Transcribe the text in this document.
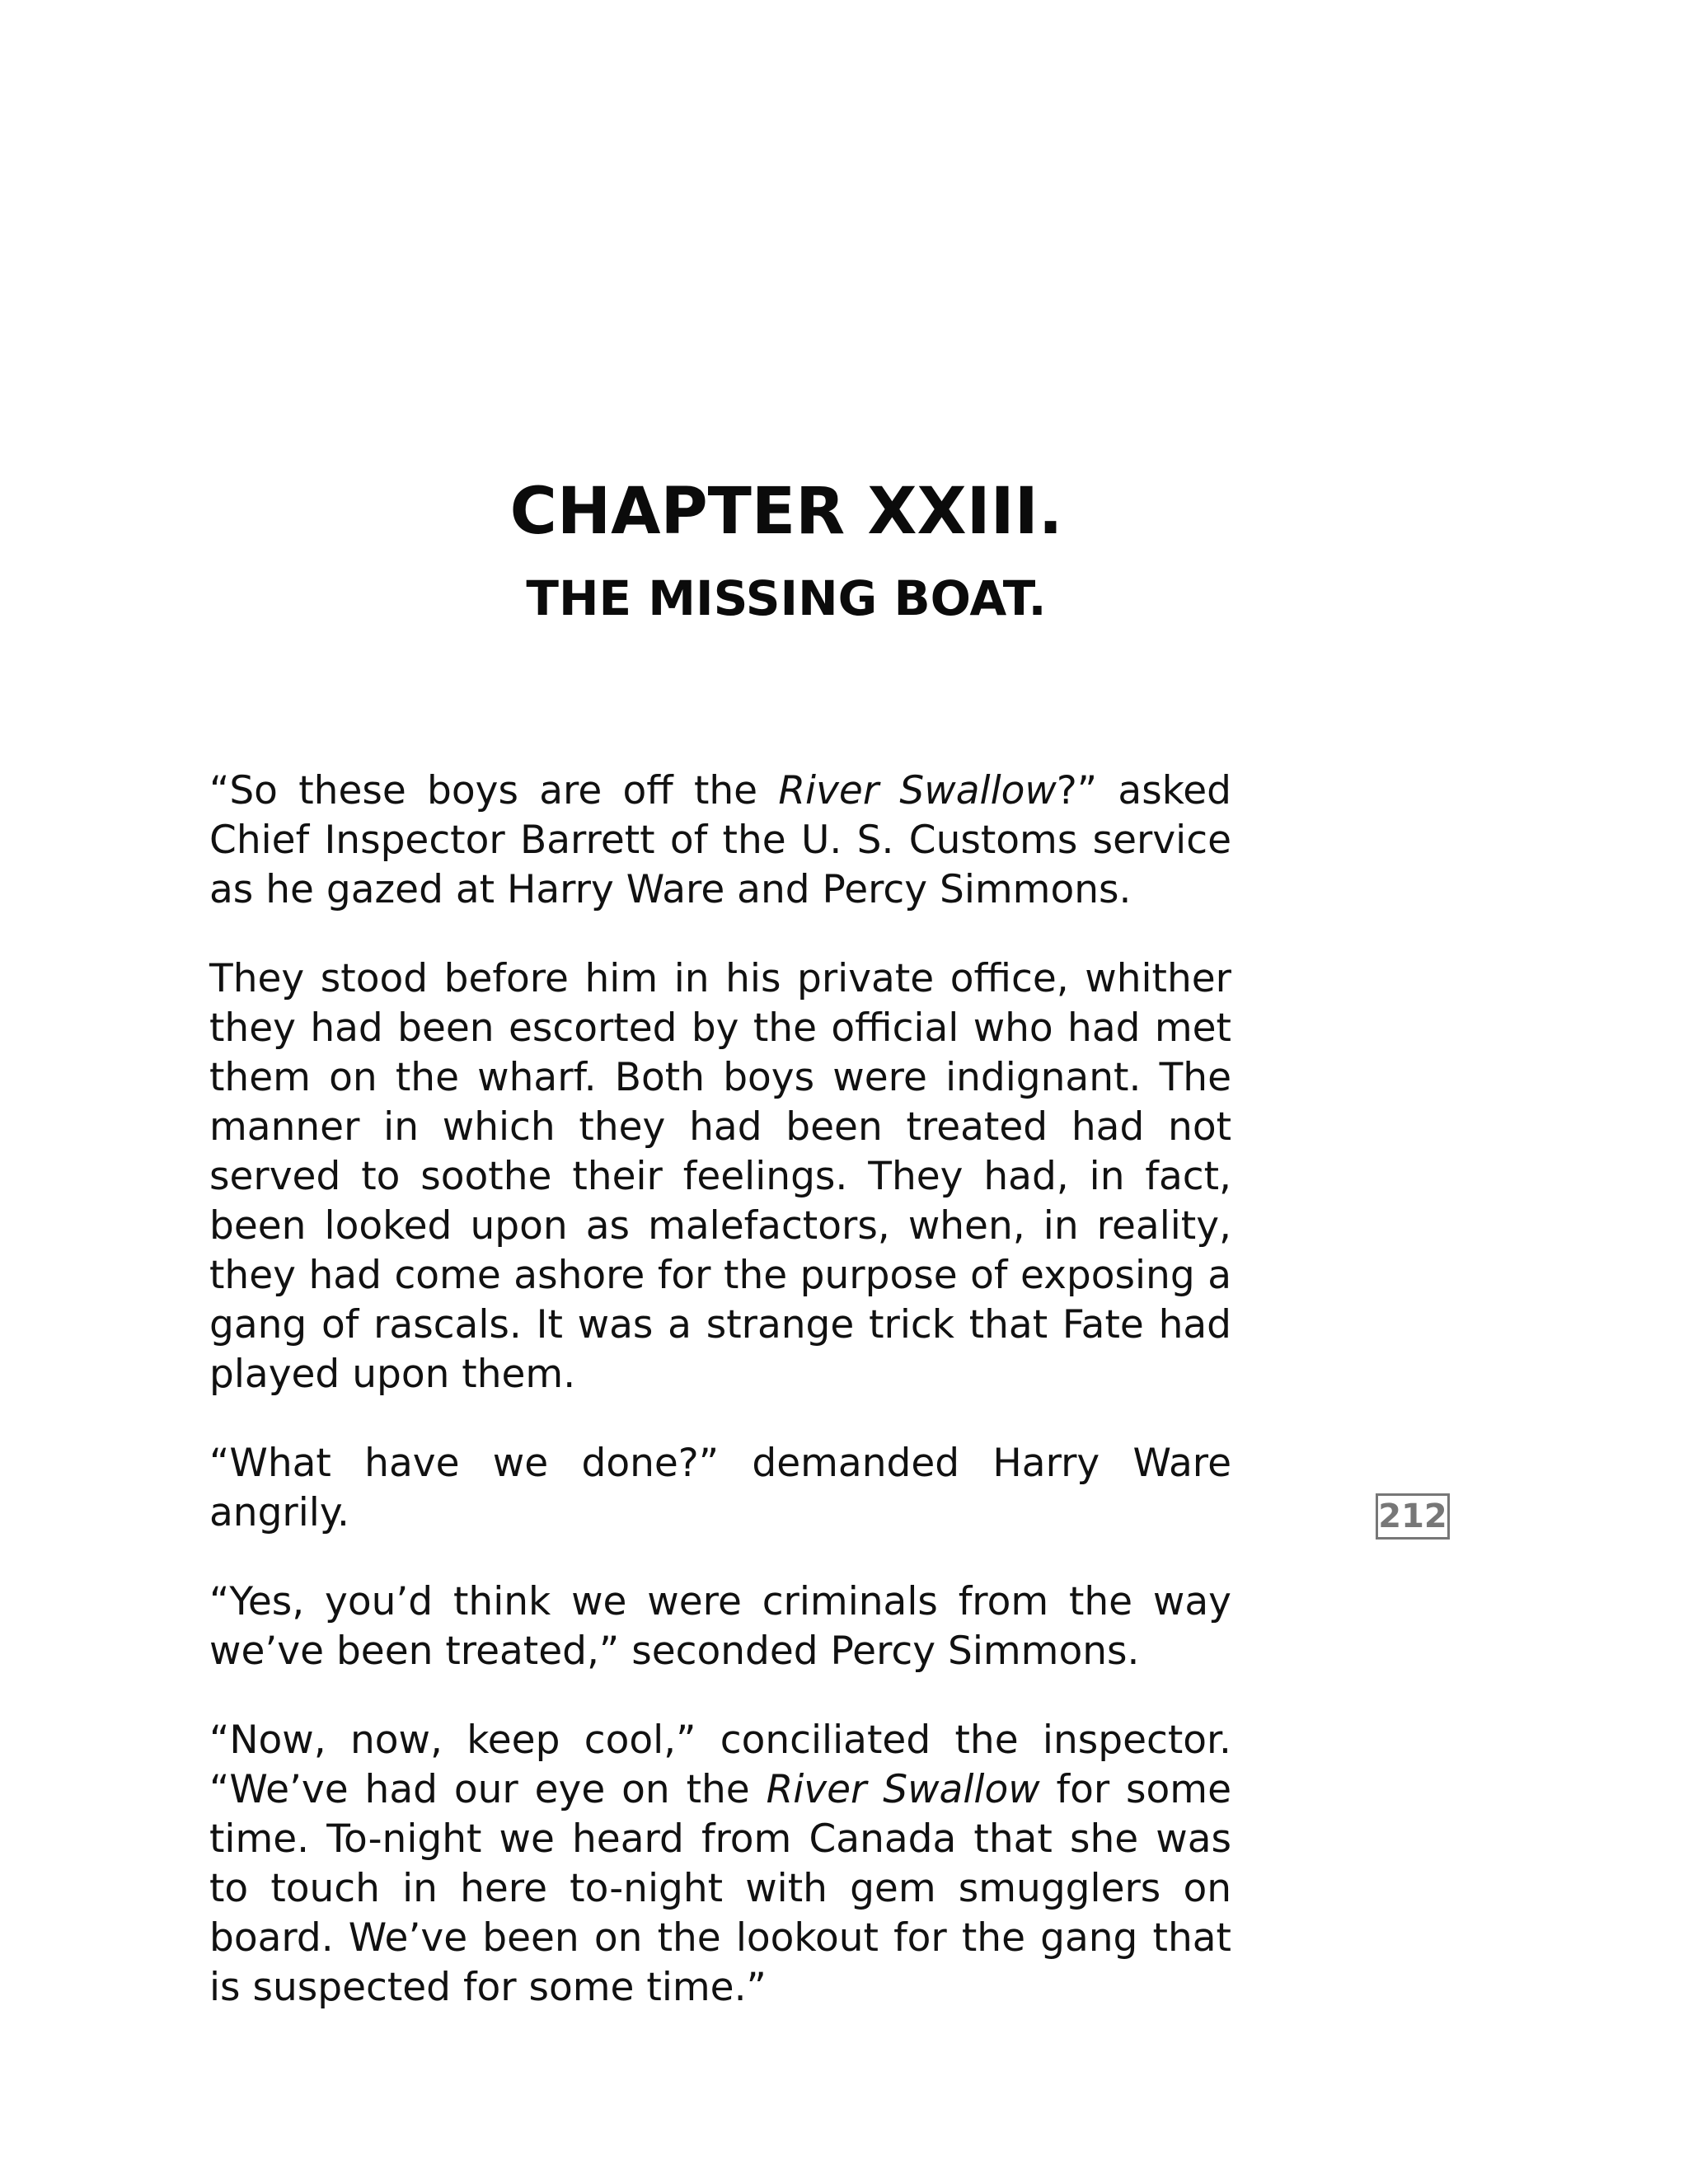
CHAPTER XXIII.
THE MISSING BOAT.

“So these boys are off the River Swallow?” asked Chief Inspector Barrett of the U. S. Customs service as he gazed at Harry Ware and Percy Simmons.

They stood before him in his private office, whither they had been escorted by the official who had met them on the wharf. Both boys were indignant. The manner in which they had been treated had not served to soothe their feelings. They had, in fact, been looked upon as malefactors, when, in reality, they had come ashore for the purpose of exposing a gang of rascals. It was a strange trick that Fate had played upon them.

“What have we done?” demanded Harry Ware angrily.

“Yes, you’d think we were criminals from the way we’ve been treated,” seconded Percy Simmons.

“Now, now, keep cool,” conciliated the inspector. “We’ve had our eye on the River Swallow for some time. To-night we heard from Canada that she was to touch in here to-night with gem smugglers on board. We’ve been on the lookout for the gang that is suspected for some time.”

212
